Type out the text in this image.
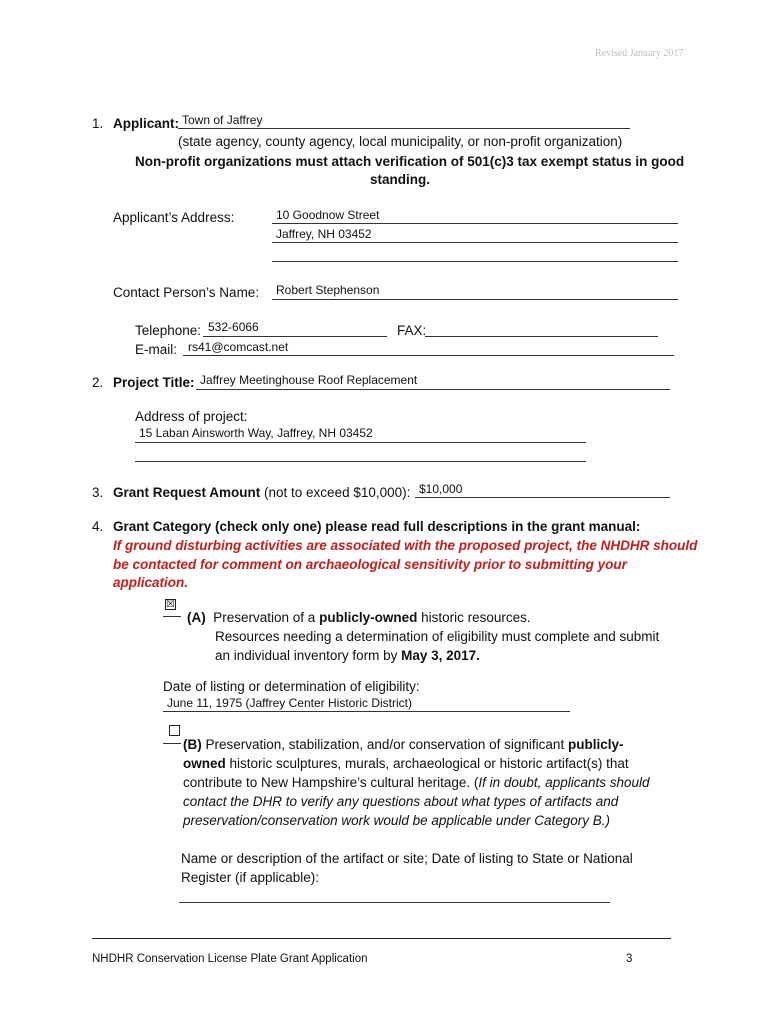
Revised January 2017
1. Applicant: Town of Jaffrey
(state agency, county agency, local municipality, or non-profit organization)
Non-profit organizations must attach verification of 501(c)3 tax exempt status in good
standing.
Applicant’s Address:	10 Goodnow Street
Jaffrey, NH 03452
Contact Person’s Name: Robert Stephenson
Telephone: 532-6066	FAX:
E-mail: rs41@comcast.net
2. Project Title: Jaffrey Meetinghouse Roof Replacement
Address of project:
15 Laban Ainsworth Way, Jaffrey, NH 03452
3. Grant Request Amount (not to exceed $10,000): $10,000
4. Grant Category (check only one) please read full descriptions in the grant manual:
If ground disturbing activities are associated with the proposed project, the NHDHR should
be contacted for comment on archaeological sensitivity prior to submitting your
application.
☒
(A) Preservation of a publicly-owned historic resources.
Resources needing a determination of eligibility must complete and submit
an individual inventory form by May 3, 2017.
Date of listing or determination of eligibility:
June 11, 1975 (Jaffrey Center Historic District)
(B) Preservation, stabilization, and/or conservation of significant publicly-
owned historic sculptures, murals, archaeological or historic artifact(s) that
contribute to New Hampshire’s cultural heritage. (If in doubt, applicants should
contact the DHR to verify any questions about what types of artifacts and
preservation/conservation work would be applicable under Category B.)
Name or description of the artifact or site; Date of listing to State or National
Register (if applicable):
NHDHR Conservation License Plate Grant Application	3
